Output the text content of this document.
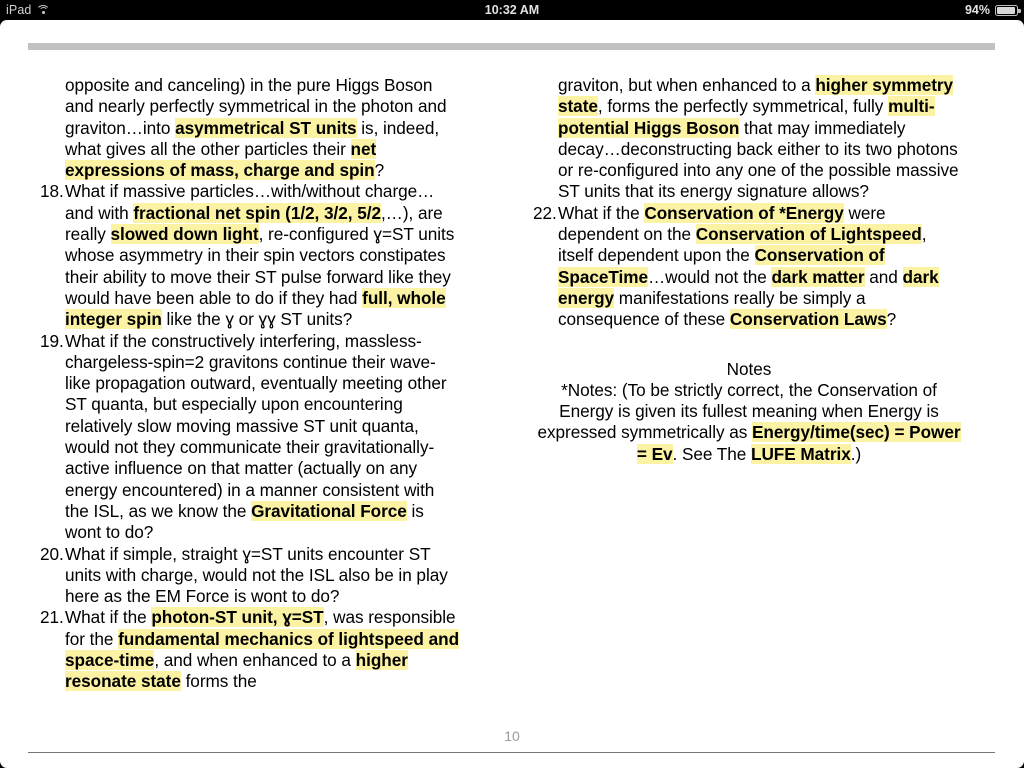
iPad	10:32 AM	94%
opposite and canceling) in the pure Higgs Boson and nearly perfectly symmetrical in the photon and graviton…into asymmetrical ST units is, indeed, what gives all the other particles their net expressions of mass, charge and spin?
18. What if massive particles…with/without charge…and with fractional net spin (1/2, 3/2, 5/2,…), are really slowed down light, re-configured ɣ=ST units whose asymmetry in their spin vectors constipates their ability to move their ST pulse forward like they would have been able to do if they had full, whole integer spin like the ɣ or ɣɣ ST units?
19. What if the constructively interfering, massless-chargeless-spin=2 gravitons continue their wave-like propagation outward, eventually meeting other ST quanta, but especially upon encountering relatively slow moving massive ST unit quanta, would not they communicate their gravitationally-active influence on that matter (actually on any energy encountered) in a manner consistent with the ISL, as we know the Gravitational Force is wont to do?
20. What if simple, straight ɣ=ST units encounter ST units with charge, would not the ISL also be in play here as the EM Force is wont to do?
21. What if the photon-ST unit, ɣ=ST, was responsible for the fundamental mechanics of lightspeed and space-time, and when enhanced to a higher resonate state forms the
graviton, but when enhanced to a higher symmetry state, forms the perfectly symmetrical, fully multi-potential Higgs Boson that may immediately decay…deconstructing back either to its two photons or re-configured into any one of the possible massive ST units that its energy signature allows?
22. What if the Conservation of *Energy were dependent on the Conservation of Lightspeed, itself dependent upon the Conservation of SpaceTime…would not the dark matter and dark energy manifestations really be simply a consequence of these Conservation Laws?
Notes
*Notes: (To be strictly correct, the Conservation of Energy is given its fullest meaning when Energy is expressed symmetrically as Energy/time(sec) = Power = Ev. See The LUFE Matrix.)
10
